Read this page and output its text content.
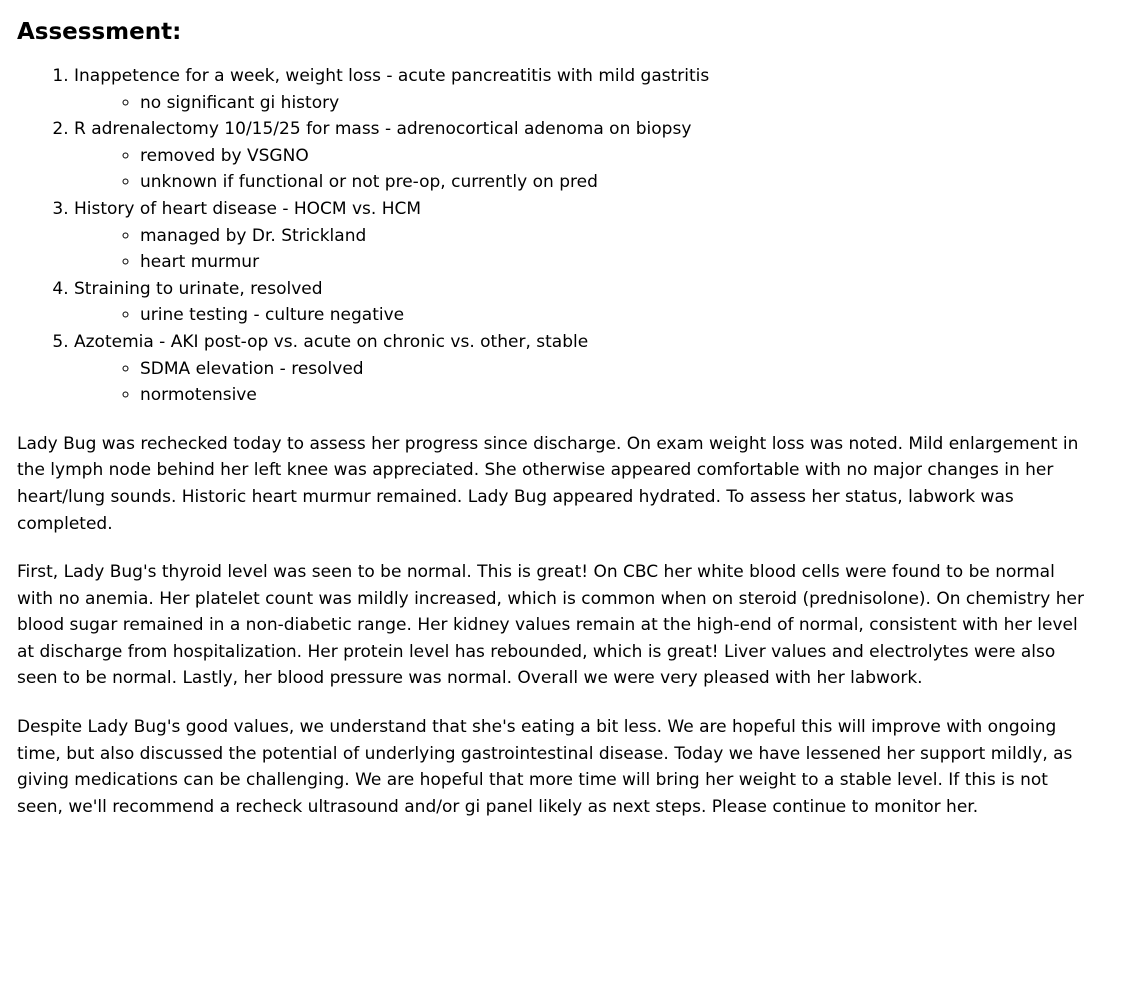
Assessment:
1. Inappetence for a week, weight loss - acute pancreatitis with mild gastritis
◦ no significant gi history
2. R adrenalectomy 10/15/25 for mass - adrenocortical adenoma on biopsy
◦ removed by VSGNO
◦ unknown if functional or not pre-op, currently on pred
3. History of heart disease - HOCM vs. HCM
◦ managed by Dr. Strickland
◦ heart murmur
4. Straining to urinate, resolved
◦ urine testing - culture negative
5. Azotemia - AKI post-op vs. acute on chronic vs. other, stable
◦ SDMA elevation - resolved
◦ normotensive

Lady Bug was rechecked today to assess her progress since discharge. On exam weight loss was noted. Mild enlargement in the lymph node behind her left knee was appreciated. She otherwise appeared comfortable with no major changes in her heart/lung sounds. Historic heart murmur remained. Lady Bug appeared hydrated. To assess her status, labwork was completed.

First, Lady Bug's thyroid level was seen to be normal. This is great! On CBC her white blood cells were found to be normal with no anemia. Her platelet count was mildly increased, which is common when on steroid (prednisolone). On chemistry her blood sugar remained in a non-diabetic range. Her kidney values remain at the high-end of normal, consistent with her level at discharge from hospitalization. Her protein level has rebounded, which is great! Liver values and electrolytes were also seen to be normal. Lastly, her blood pressure was normal. Overall we were very pleased with her labwork.

Despite Lady Bug's good values, we understand that she's eating a bit less. We are hopeful this will improve with ongoing time, but also discussed the potential of underlying gastrointestinal disease. Today we have lessened her support mildly, as giving medications can be challenging. We are hopeful that more time will bring her weight to a stable level. If this is not seen, we'll recommend a recheck ultrasound and/or gi panel likely as next steps. Please continue to monitor her.
